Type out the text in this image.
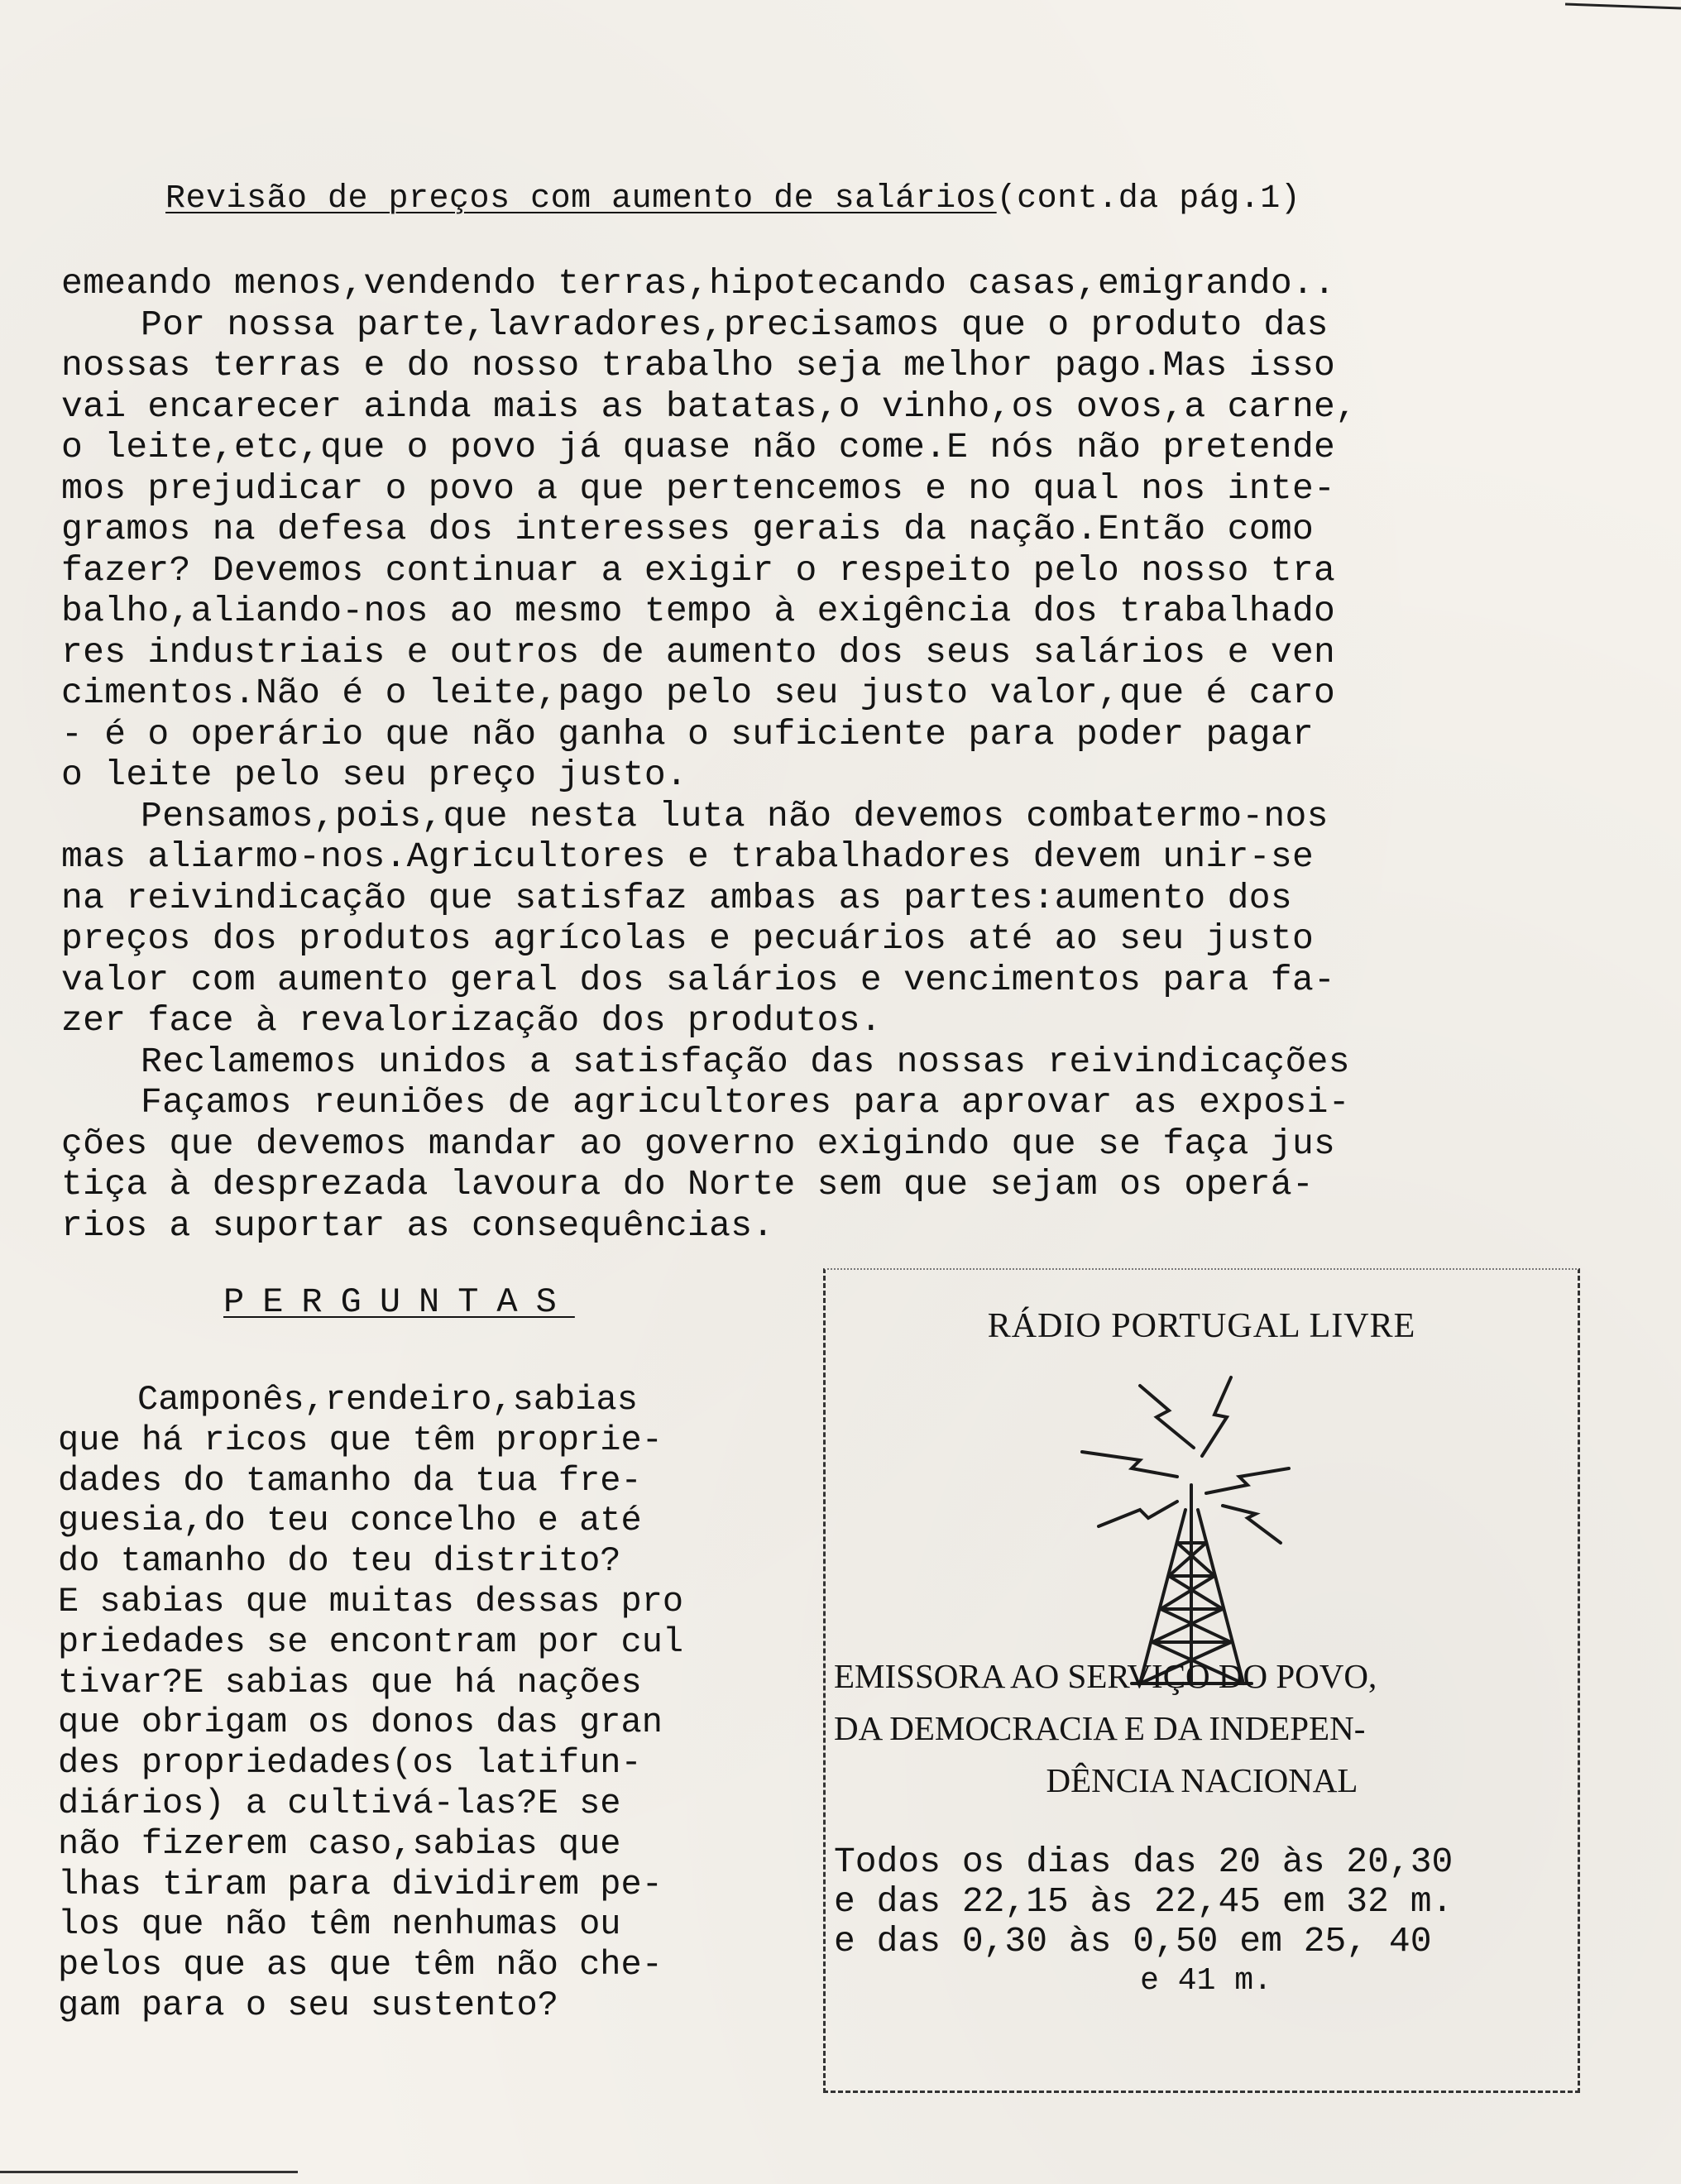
Revisão de preços com aumento de salários(cont.da pág.1)
emeando menos,vendendo terras,hipotecando casas,emigrando..
Por nossa parte,lavradores,precisamos que o produto das
nossas terras e do nosso trabalho seja melhor pago.Mas isso
vai encarecer ainda mais as batatas,o vinho,os ovos,a carne,
o leite,etc,que o povo já quase não come.E nós não pretende
mos prejudicar o povo a que pertencemos e no qual nos inte-
gramos na defesa dos interesses gerais da nação.Então como
fazer? Devemos continuar a exigir o respeito pelo nosso tra
balho,aliando-nos ao mesmo tempo à exigência dos trabalhado
res industriais e outros de aumento dos seus salários e ven
cimentos.Não é o leite,pago pelo seu justo valor,que é caro
- é o operário que não ganha o suficiente para poder pagar
o leite pelo seu preço justo.
Pensamos,pois,que nesta luta não devemos combatermo-nos
mas aliarmo-nos.Agricultores e trabalhadores devem unir-se
na reivindicação que satisfaz ambas as partes:aumento dos
preços dos produtos agrícolas e pecuários até ao seu justo
valor com aumento geral dos salários e vencimentos para fa-
zer face à revalorização dos produtos.
Reclamemos unidos a satisfação das nossas reivindicações
Façamos reuniões de agricultores para aprovar as exposi-
ções que devemos mandar ao governo exigindo que se faça jus
tiça à desprezada lavoura do Norte sem que sejam os operá-
rios a suportar as consequências.
PERGUNTAS
Camponês,rendeiro,sabias
que há ricos que têm proprie-
dades do tamanho da tua fre-
guesia,do teu concelho e até
do tamanho do teu distrito?
E sabias que muitas dessas pro
priedades se encontram por cul
tivar?E sabias que há nações
que obrigam os donos das gran
des propriedades(os latifun-
diários) a cultivá-las?E se
não fizerem caso,sabias que
lhas tiram para dividirem pe-
los que não têm nenhumas ou
pelos que as que têm não che-
gam para o seu sustento?
RÁDIO PORTUGAL LIVRE
EMISSORA AO SERVIÇO DO POVO,
DA DEMOCRACIA E DA INDEPEN-
DÊNCIA NACIONAL
Todos os dias das 20 às 20,30
e das 22,15 às 22,45 em 32 m.
e das 0,30 às 0,50 em 25, 40
e 41 m.
